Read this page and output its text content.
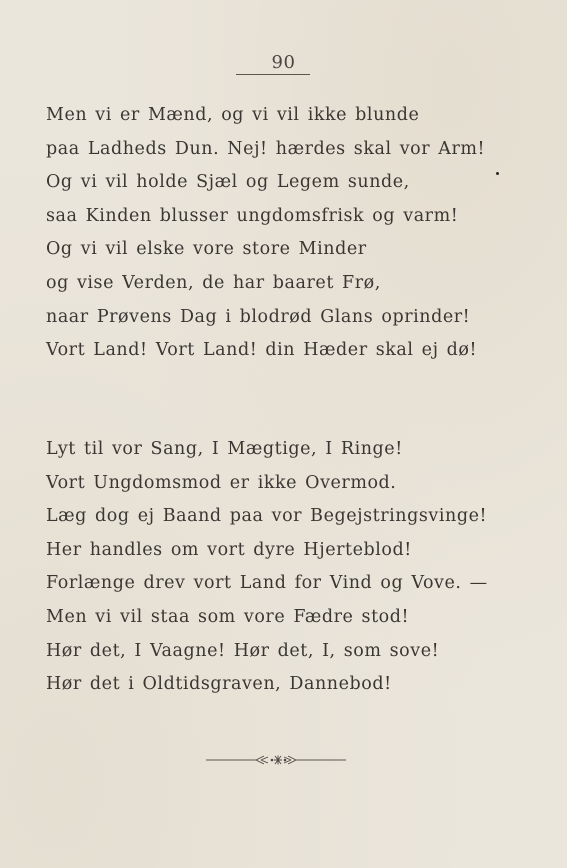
90
Men vi er Mænd, og vi vil ikke blunde
paa Ladheds Dun. Nej! hærdes skal vor Arm!
Og vi vil holde Sjæl og Legem sunde,
saa Kinden blusser ungdomsfrisk og varm!
Og vi vil elske vore store Minder
og vise Verden, de har baaret Frø,
naar Prøvens Dag i blodrød Glans oprinder!
Vort Land! Vort Land! din Hæder skal ej dø!
Lyt til vor Sang, I Mægtige, I Ringe!
Vort Ungdomsmod er ikke Overmod.
Læg dog ej Baand paa vor Begejstringsvinge!
Her handles om vort dyre Hjerteblod!
Forlænge drev vort Land for Vind og Vove. —
Men vi vil staa som vore Fædre stod!
Hør det, I Vaagne! Hør det, I, som sove!
Hør det i Oldtidsgraven, Dannebod!
